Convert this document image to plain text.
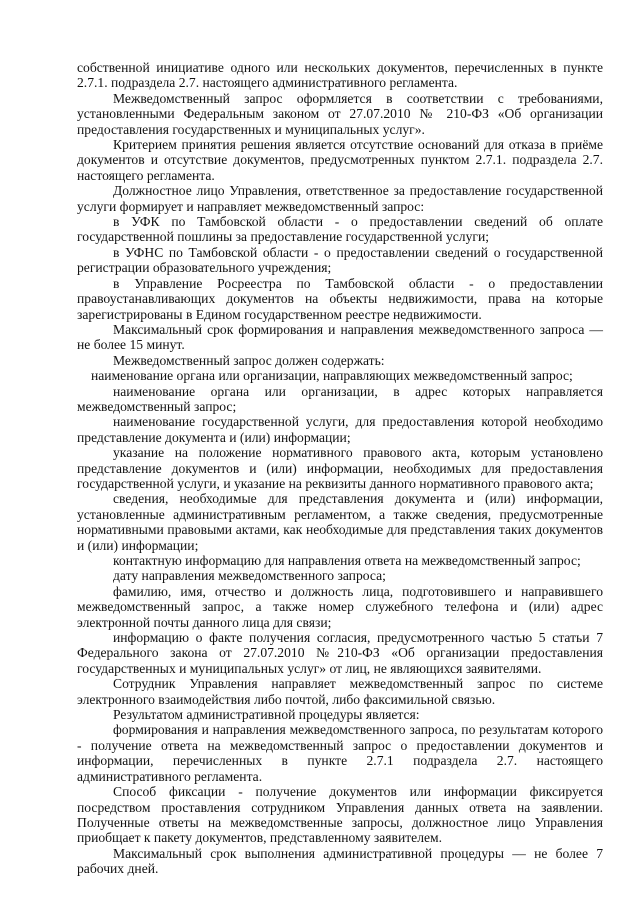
собственной инициативе одного или нескольких документов, перечисленных в пункте 2.7.1. подраздела 2.7. настоящего административного регламента.

Межведомственный запрос оформляется в соответствии с требованиями, установленными Федеральным законом от 27.07.2010 № 210-ФЗ «Об организации предоставления государственных и муниципальных услуг».

Критерием принятия решения является отсутствие оснований для отказа в приёме документов и отсутствие документов, предусмотренных пунктом 2.7.1. подраздела 2.7. настоящего регламента.

Должностное лицо Управления, ответственное за предоставление государственной услуги формирует и направляет межведомственный запрос:

в УФК по Тамбовской области - о предоставлении сведений об оплате государственной пошлины за предоставление государственной услуги;

в УФНС по Тамбовской области - о предоставлении сведений о государственной регистрации образовательного учреждения;

в Управление Росреестра по Тамбовской области - о предоставлении правоустанавливающих документов на объекты недвижимости, права на которые зарегистрированы в Едином государственном реестре недвижимости.

Максимальный срок формирования и направления межведомственного запроса — не более 15 минут.

Межведомственный запрос должен содержать:

наименование органа или организации, направляющих межведомственный запрос;

наименование органа или организации, в адрес которых направляется межведомственный запрос;

наименование государственной услуги, для предоставления которой необходимо представление документа и (или) информации;

указание на положение нормативного правового акта, которым установлено представление документов и (или) информации, необходимых для предоставления государственной услуги, и указание на реквизиты данного нормативного правового акта;

сведения, необходимые для представления документа и (или) информации, установленные административным регламентом, а также сведения, предусмотренные нормативными правовыми актами, как необходимые для представления таких документов и (или) информации;

контактную информацию для направления ответа на межведомственный запрос;

дату направления межведомственного запроса;

фамилию, имя, отчество и должность лица, подготовившего и направившего межведомственный запрос, а также номер служебного телефона и (или) адрес электронной почты данного лица для связи;

информацию о факте получения согласия, предусмотренного частью 5 статьи 7 Федерального закона от 27.07.2010 №210-ФЗ «Об организации предоставления государственных и муниципальных услуг» от лиц, не являющихся заявителями.

Сотрудник Управления направляет межведомственный запрос по системе электронного взаимодействия либо почтой, либо факсимильной связью.

Результатом административной процедуры является:

формирования и направления межведомственного запроса, по результатам которого - получение ответа на межведомственный запрос о предоставлении документов и информации, перечисленных в пункте 2.7.1 подраздела 2.7. настоящего административного регламента.

Способ фиксации - получение документов или информации фиксируется посредством проставления сотрудником Управления данных ответа на заявлении. Полученные ответы на межведомственные запросы, должностное лицо Управления приобщает к пакету документов, представленному заявителем.

Максимальный срок выполнения административной процедуры — не более 7 рабочих дней.
